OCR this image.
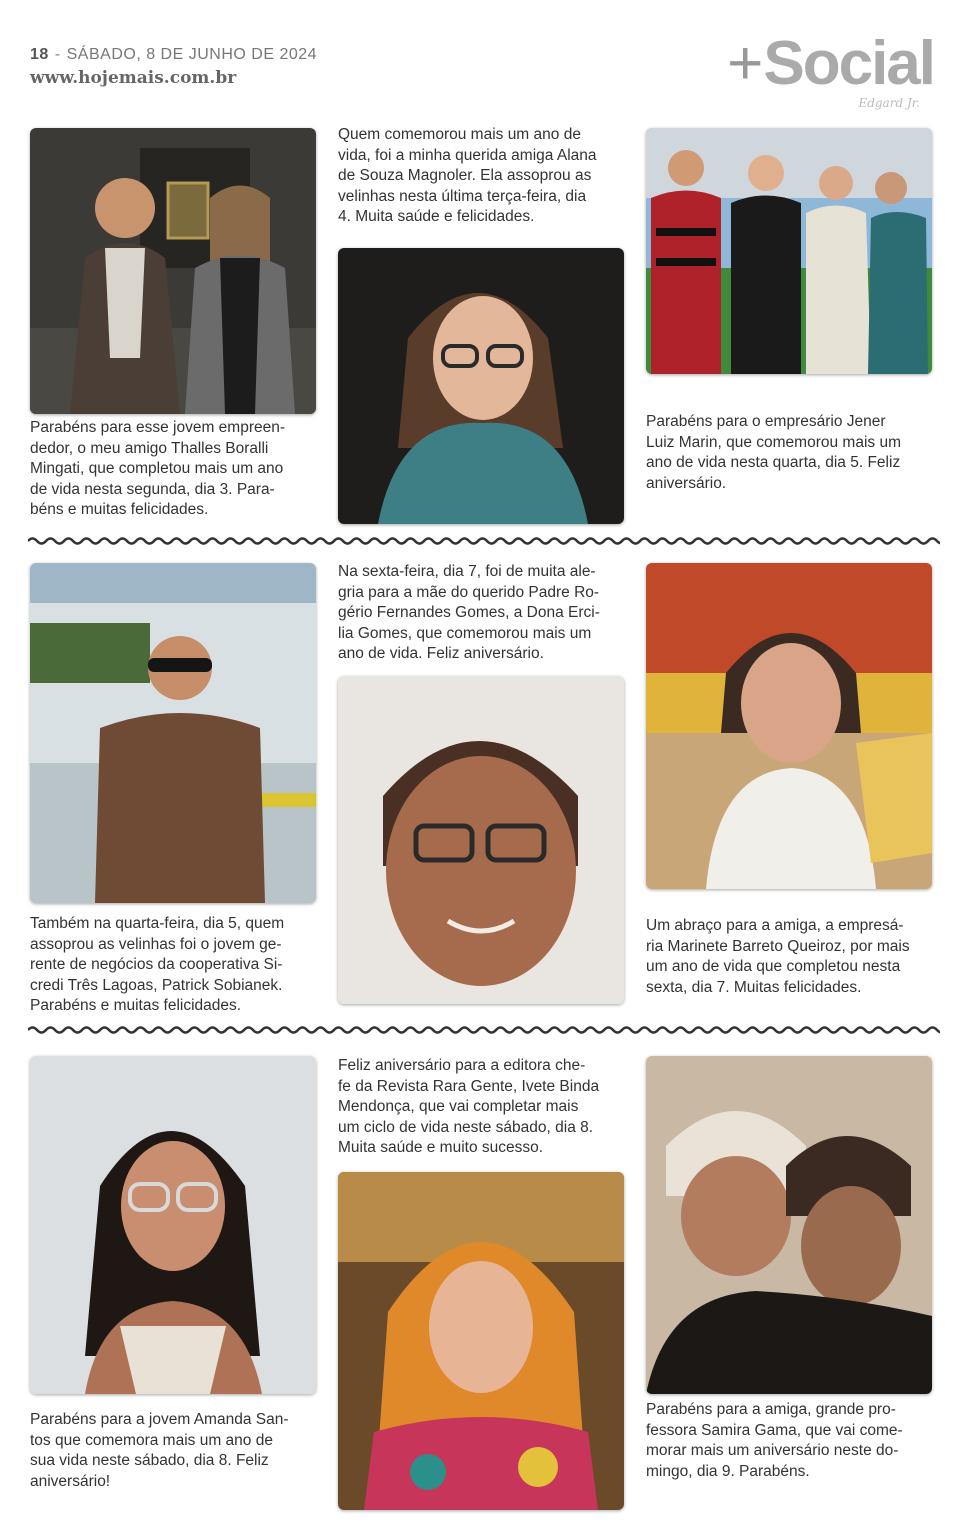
18 - SÁBADO, 8 DE JUNHO DE 2024
www.hojemais.com.br	+Social
Edgard Jr.
Parabéns para esse jovem empreen-
dedor, o meu amigo Thalles Boralli
Mingati, que completou mais um ano
de vida nesta segunda, dia 3. Para-
béns e muitas felicidades.
Quem comemorou mais um ano de
vida, foi a minha querida amiga Alana
de Souza Magnoler. Ela assoprou as
velinhas nesta última terça-feira, dia
4. Muita saúde e felicidades.
Parabéns para o empresário Jener
Luiz Marin, que comemorou mais um
ano de vida nesta quarta, dia 5. Feliz
aniversário.
Também na quarta-feira, dia 5, quem
assoprou as velinhas foi o jovem ge-
rente de negócios da cooperativa Si-
credi Três Lagoas, Patrick Sobianek.
Parabéns e muitas felicidades.
Na sexta-feira, dia 7, foi de muita ale-
gria para a mãe do querido Padre Ro-
gério Fernandes Gomes, a Dona Erci-
lia Gomes, que comemorou mais um
ano de vida. Feliz aniversário.
Um abraço para a amiga, a empresá-
ria Marinete Barreto Queiroz, por mais
um ano de vida que completou nesta
sexta, dia 7. Muitas felicidades.
Parabéns para a jovem Amanda San-
tos que comemora mais um ano de
sua vida neste sábado, dia 8. Feliz
aniversário!
Feliz aniversário para a editora che-
fe da Revista Rara Gente, Ivete Binda
Mendonça, que vai completar mais
um ciclo de vida neste sábado, dia 8.
Muita saúde e muito sucesso.
Parabéns para a amiga, grande pro-
fessora Samira Gama, que vai come-
morar mais um aniversário neste do-
mingo, dia 9. Parabéns.
